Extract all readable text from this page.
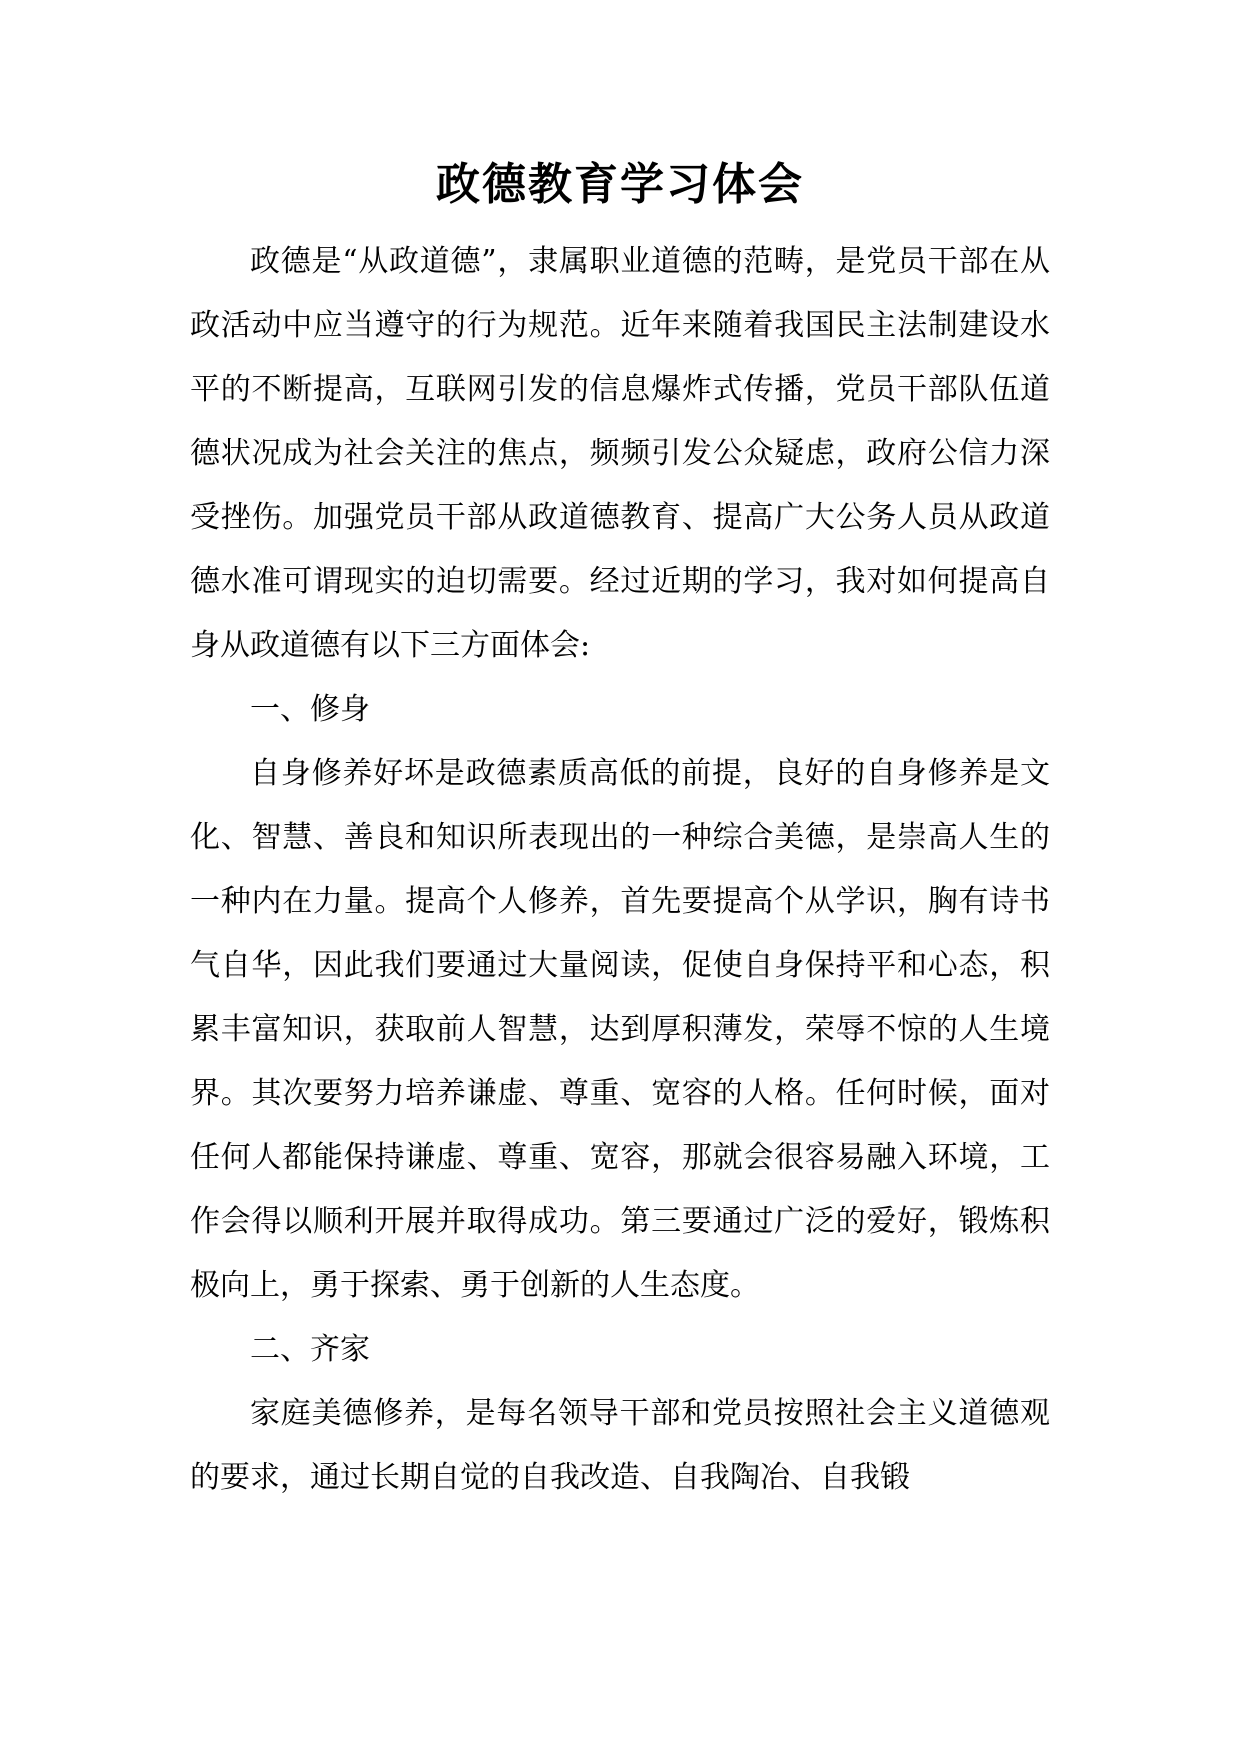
政德教育学习体会

政德是“从政道德”，隶属职业道德的范畴，是党员干部在从政活动中应当遵守的行为规范。近年来随着我国民主法制建设水平的不断提高，互联网引发的信息爆炸式传播，党员干部队伍道德状况成为社会关注的焦点，频频引发公众疑虑，政府公信力深受挫伤。加强党员干部从政道德教育、提高广大公务人员从政道德水准可谓现实的迫切需要。经过近期的学习，我对如何提高自身从政道德有以下三方面体会:

一、修身

自身修养好坏是政德素质高低的前提，良好的自身修养是文化、智慧、善良和知识所表现出的一种综合美德，是崇高人生的一种内在力量。提高个人修养，首先要提高个从学识，胸有诗书气自华，因此我们要通过大量阅读，促使自身保持平和心态，积累丰富知识，获取前人智慧，达到厚积薄发，荣辱不惊的人生境界。其次要努力培养谦虚、尊重、宽容的人格。任何时候，面对任何人都能保持谦虚、尊重、宽容，那就会很容易融入环境，工作会得以顺利开展并取得成功。第三要通过广泛的爱好，锻炼积极向上，勇于探索、勇于创新的人生态度。

二、齐家

家庭美德修养，是每名领导干部和党员按照社会主义道德观的要求，通过长期自觉的自我改造、自我陶冶、自我锻
